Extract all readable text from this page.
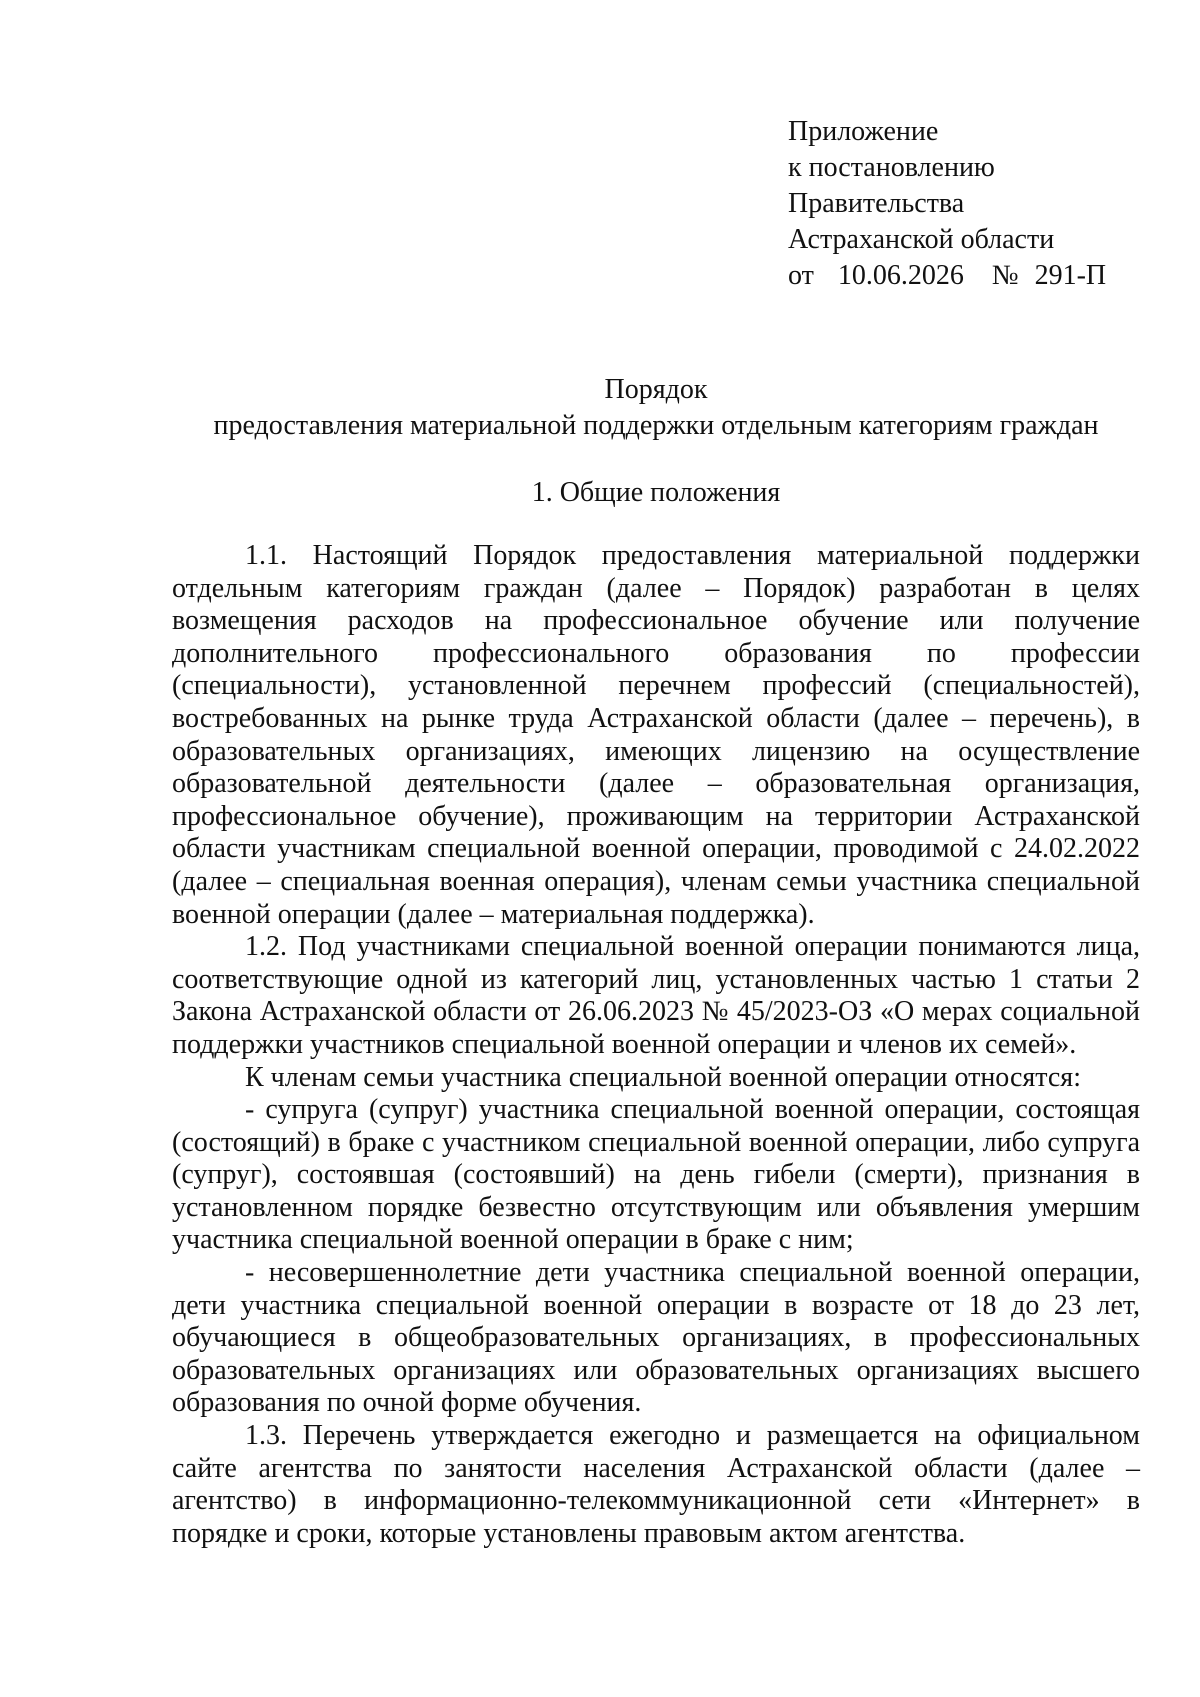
Приложение
к постановлению
Правительства
Астраханской области
от 10.06.2026 № 291-П
Порядок
предоставления материальной поддержки отдельным категориям граждан
1. Общие положения

1.1. Настоящий Порядок предоставления материальной поддержки отдельным категориям граждан (далее – Порядок) разработан в целях возмещения расходов на профессиональное обучение или получение дополнительного профессионального образования по профессии (специальности), установленной перечнем профессий (специальностей), востребованных на рынке труда Астраханской области (далее – перечень), в образовательных организациях, имеющих лицензию на осуществление образовательной деятельности (далее – образовательная организация, профессиональное обучение), проживающим на территории Астраханской области участникам специальной военной операции, проводимой с 24.02.2022 (далее – специальная военная операция), членам семьи участника специальной военной операции (далее – материальная поддержка).

1.2. Под участниками специальной военной операции понимаются лица, соответствующие одной из категорий лиц, установленных частью 1 статьи 2 Закона Астраханской области от 26.06.2023 № 45/2023-ОЗ «О мерах социальной поддержки участников специальной военной операции и членов их семей».

К членам семьи участника специальной военной операции относятся:

- супруга (супруг) участника специальной военной операции, состоящая (состоящий) в браке с участником специальной военной операции, либо супруга (супруг), состоявшая (состоявший) на день гибели (смерти), признания в установленном порядке безвестно отсутствующим или объявления умершим участника специальной военной операции в браке с ним;

- несовершеннолетние дети участника специальной военной операции, дети участника специальной военной операции в возрасте от 18 до 23 лет, обучающиеся в общеобразовательных организациях, в профессиональных образовательных организациях или образовательных организациях высшего образования по очной форме обучения.

1.3. Перечень утверждается ежегодно и размещается на официальном сайте агентства по занятости населения Астраханской области (далее – агентство) в информационно-телекоммуникационной сети «Интернет» в порядке и сроки, которые установлены правовым актом агентства.
